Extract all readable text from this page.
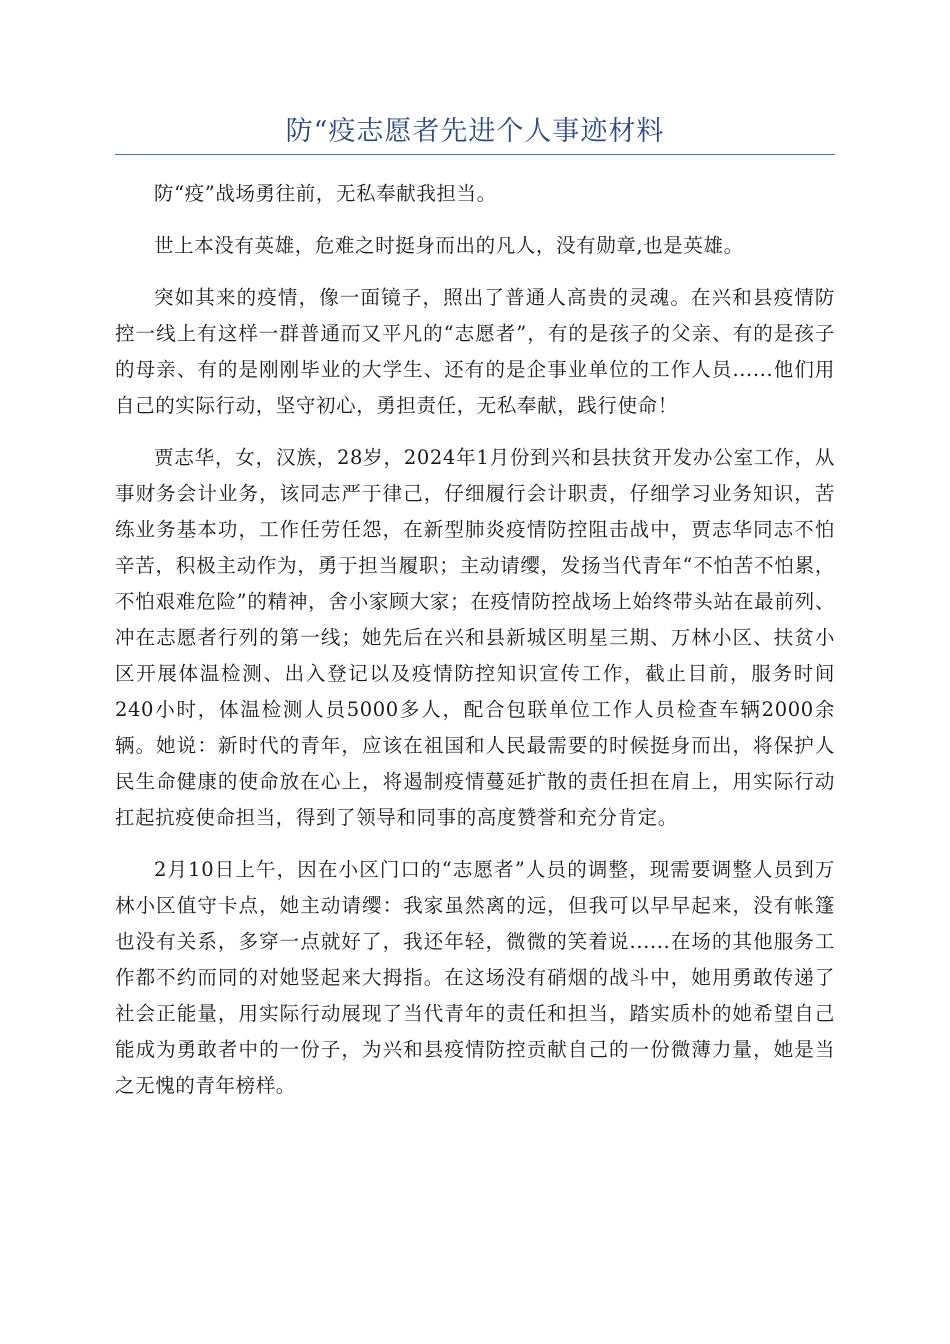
防“疫志愿者先进个人事迹材料

防“疫”战场勇往前，无私奉献我担当。

世上本没有英雄，危难之时挺身而出的凡人，没有勋章,也是英雄。

突如其来的疫情，像一面镜子，照出了普通人高贵的灵魂。在兴和县疫情防控一线上有这样一群普通而又平凡的“志愿者”，有的是孩子的父亲、有的是孩子的母亲、有的是刚刚毕业的大学生、还有的是企事业单位的工作人员......他们用自己的实际行动，坚守初心，勇担责任，无私奉献，践行使命！

贾志华，女，汉族，28岁，2024年1月份到兴和县扶贫开发办公室工作，从事财务会计业务，该同志严于律己，仔细履行会计职责，仔细学习业务知识，苦练业务基本功，工作任劳任怨，在新型肺炎疫情防控阻击战中，贾志华同志不怕辛苦，积极主动作为，勇于担当履职；主动请缨，发扬当代青年“不怕苦不怕累，不怕艰难危险”的精神，舍小家顾大家；在疫情防控战场上始终带头站在最前列、冲在志愿者行列的第一线；她先后在兴和县新城区明星三期、万林小区、扶贫小区开展体温检测、出入登记以及疫情防控知识宣传工作，截止目前，服务时间240小时，体温检测人员5000多人，配合包联单位工作人员检查车辆2000余辆。她说：新时代的青年，应该在祖国和人民最需要的时候挺身而出，将保护人民生命健康的使命放在心上，将遏制疫情蔓延扩散的责任担在肩上，用实际行动扛起抗疫使命担当，得到了领导和同事的高度赞誉和充分肯定。

2月10日上午，因在小区门口的“志愿者”人员的调整，现需要调整人员到万林小区值守卡点，她主动请缨：我家虽然离的远，但我可以早早起来，没有帐篷也没有关系，多穿一点就好了，我还年轻，微微的笑着说......在场的其他服务工作都不约而同的对她竖起来大拇指。在这场没有硝烟的战斗中，她用勇敢传递了社会正能量，用实际行动展现了当代青年的责任和担当，踏实质朴的她希望自己能成为勇敢者中的一份子，为兴和县疫情防控贡献自己的一份微薄力量，她是当之无愧的青年榜样。
